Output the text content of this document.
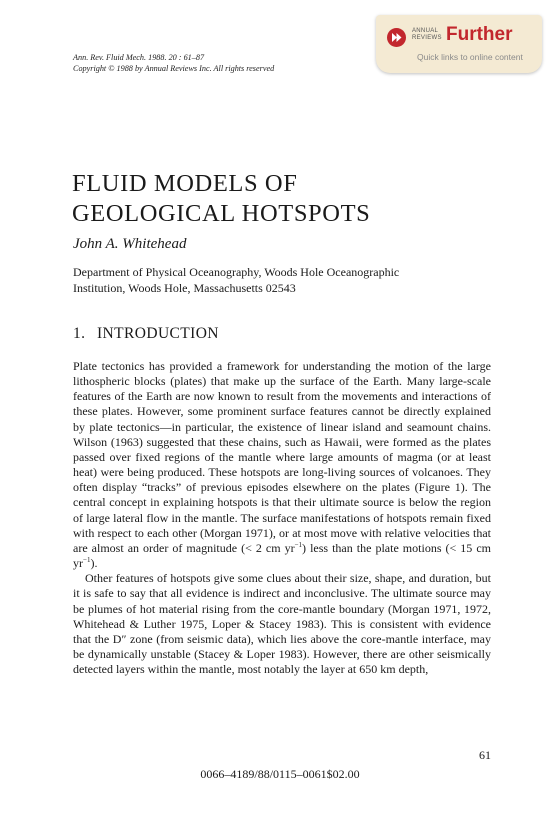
Ann. Rev. Fluid Mech. 1988. 20 : 61–87
Copyright © 1988 by Annual Reviews Inc. All rights reserved
ANNUAL
REVIEWS Further
Quick links to online content
FLUID MODELS OF
GEOLOGICAL HOTSPOTS
John A. Whitehead
Department of Physical Oceanography, Woods Hole Oceanographic
Institution, Woods Hole, Massachusetts 02543
1. INTRODUCTION

Plate tectonics has provided a framework for understanding the motion of the large lithospheric blocks (plates) that make up the surface of the Earth. Many large-scale features of the Earth are now known to result from the movements and interactions of these plates. However, some prominent surface features cannot be directly explained by plate tectonics—in particular, the existence of linear island and seamount chains. Wilson (1963) suggested that these chains, such as Hawaii, were formed as the plates passed over fixed regions of the mantle where large amounts of magma (or at least heat) were being produced. These hotspots are long-living sources of volcanoes. They often display “tracks” of previous episodes elsewhere on the plates (Figure 1). The central concept in explaining hotspots is that their ultimate source is below the region of large lateral flow in the mantle. The surface manifestations of hotspots remain fixed with respect to each other (Morgan 1971), or at most move with relative velocities that are almost an order of magnitude (< 2 cm $yr^{-1}$) less than the plate motions (< 15 cm $yr^{-1}$).

Other features of hotspots give some clues about their size, shape, and duration, but it is safe to say that all evidence is indirect and inconclusive. The ultimate source may be plumes of hot material rising from the core-mantle boundary (Morgan 1971, 1972, Whitehead & Luther 1975, Loper & Stacey 1983). This is consistent with evidence that the D″ zone (from seismic data), which lies above the core-mantle interface, may be dynamically unstable (Stacey & Loper 1983). However, there are other seismically detected layers within the mantle, most notably the layer at 650 km depth,

61
0066–4189/88/0115–0061$02.00
